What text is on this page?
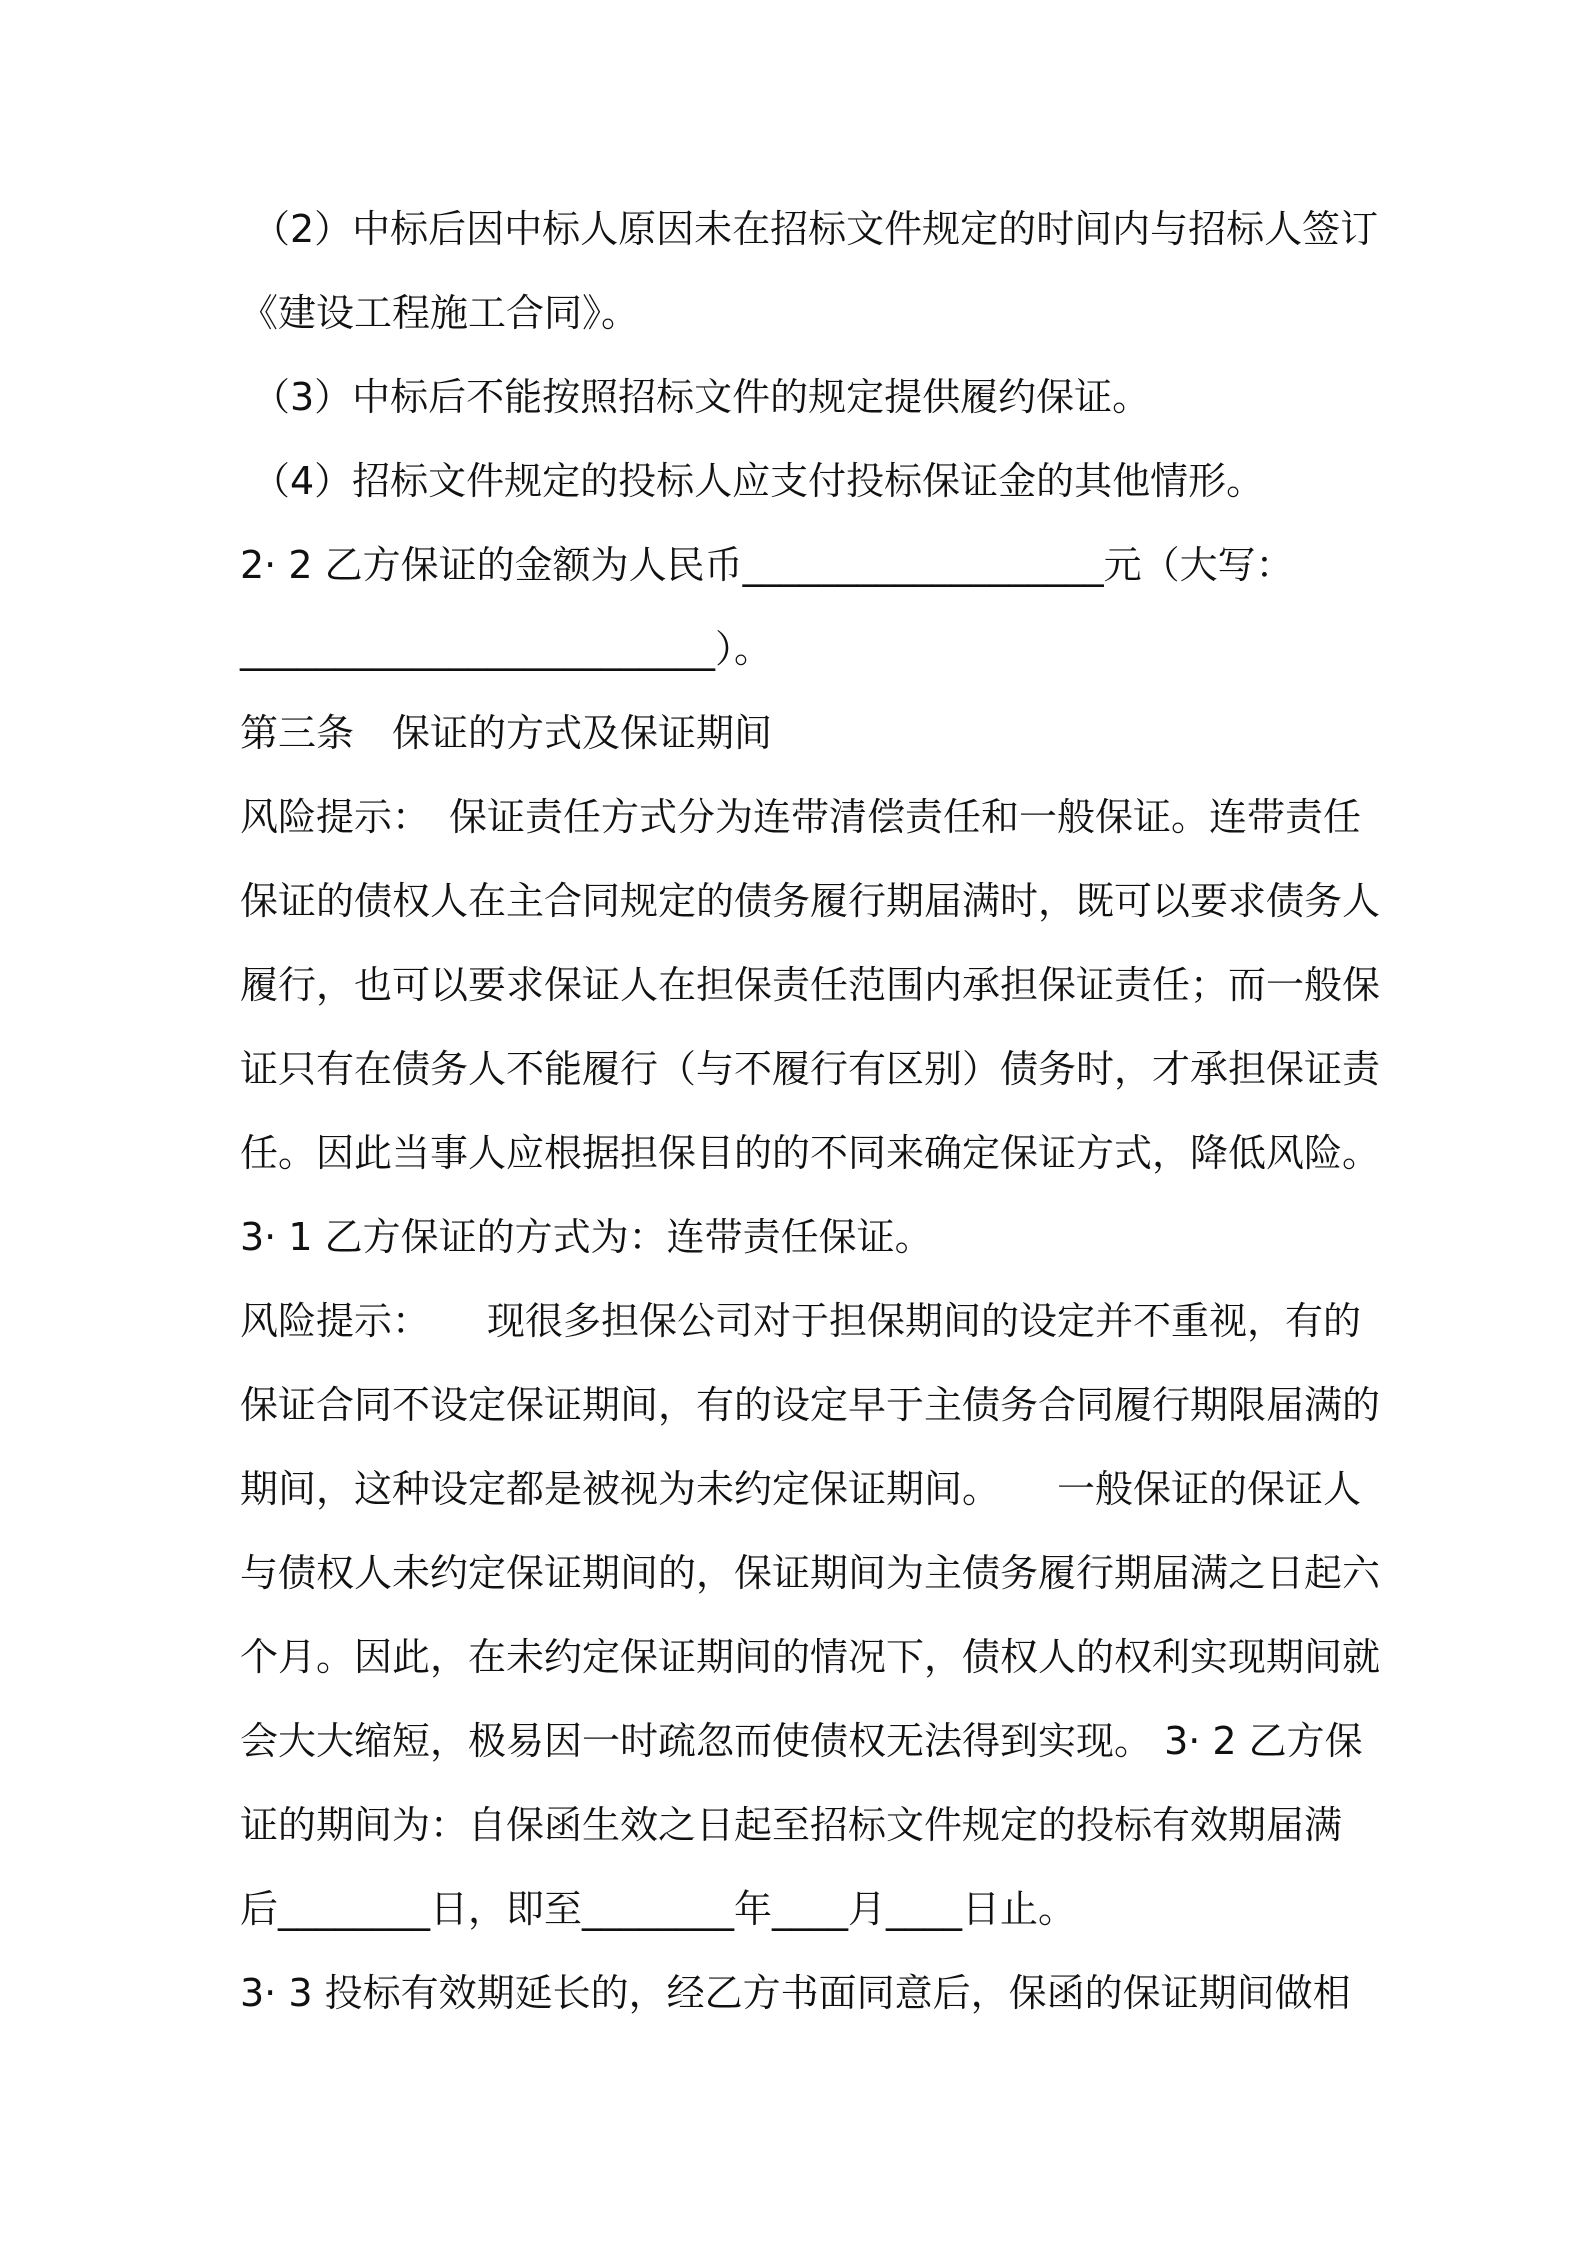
（2）中标后因中标人原因未在招标文件规定的时间内与招标人签订
《建设工程施工合同》。
（3）中标后不能按照招标文件的规定提供履约保证。
（4）招标文件规定的投标人应支付投标保证金的其他情形。
2· 2 乙方保证的金额为人民币___________________元（大写：
_________________________）。
第三条　保证的方式及保证期间
风险提示：　保证责任方式分为连带清偿责任和一般保证。连带责任
保证的债权人在主合同规定的债务履行期届满时，既可以要求债务人
履行，也可以要求保证人在担保责任范围内承担保证责任；而一般保
证只有在债务人不能履行（与不履行有区别）债务时，才承担保证责
任。因此当事人应根据担保目的的不同来确定保证方式，降低风险。
3· 1 乙方保证的方式为：连带责任保证。
风险提示：　　现很多担保公司对于担保期间的设定并不重视，有的
保证合同不设定保证期间，有的设定早于主债务合同履行期限届满的
期间，这种设定都是被视为未约定保证期间。　　一般保证的保证人
与债权人未约定保证期间的，保证期间为主债务履行期届满之日起六
个月。因此，在未约定保证期间的情况下，债权人的权利实现期间就
会大大缩短，极易因一时疏忽而使债权无法得到实现。 3· 2 乙方保
证的期间为：自保函生效之日起至招标文件规定的投标有效期届满
后________日，即至________年____月____日止。
3· 3 投标有效期延长的，经乙方书面同意后，保函的保证期间做相
